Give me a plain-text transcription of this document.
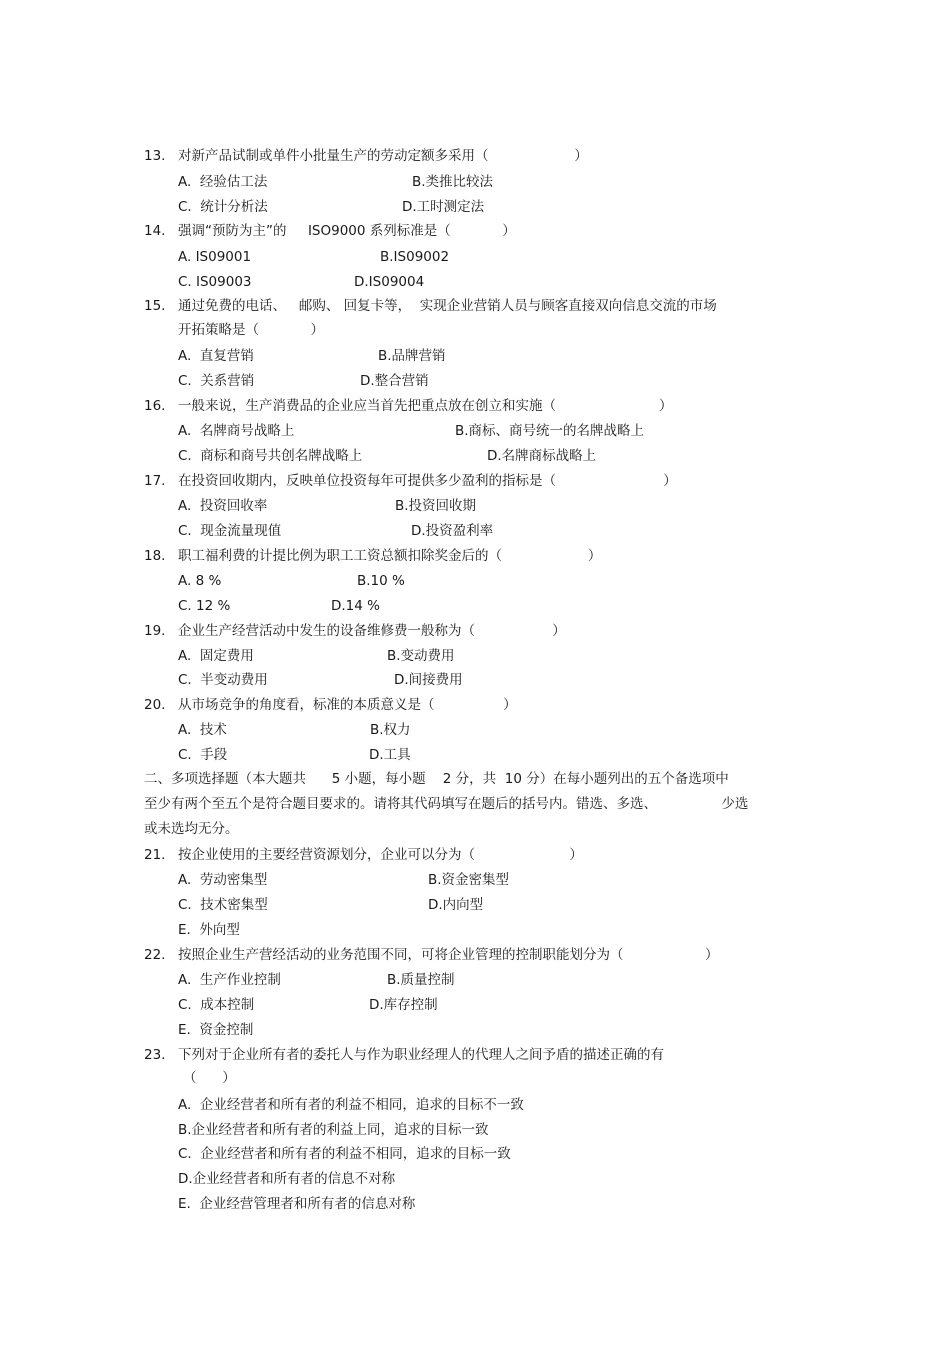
13. 对新产品试制或单件小批量生产的劳动定额多采用（                    ）
A.  经验估工法	B.类推比较法
C.  统计分析法	D.工时测定法
14. 强调“预防为主”的     ISO9000 系列标准是（            ）
A. IS09001	B.IS09002
C. IS09003	D.IS09004
15. 通过免费的电话、   邮购、 回复卡等，  实现企业营销人员与顾客直接双向信息交流的市场
开拓策略是（            ）
A.  直复营销	B.品牌营销
C.  关系营销	D.整合营销
16. 一般来说，生产消费品的企业应当首先把重点放在创立和实施（                        ）
A.  名牌商号战略上	B.商标、商号统一的名牌战略上
C.  商标和商号共创名牌战略上	D.名牌商标战略上
17. 在投资回收期内，反映单位投资每年可提供多少盈利的指标是（                         ）
A.  投资回收率	B.投资回收期
C.  现金流量现值	D.投资盈利率
18. 职工福利费的计提比例为职工工资总额扣除奖金后的（                    ）
A. 8 %	B.10 %
C. 12 %	D.14 %
19. 企业生产经营活动中发生的设备维修费一般称为（                  ）
A.  固定费用	B.变动费用
C.  半变动费用	D.间接费用
20. 从市场竞争的角度看，标准的本质意义是（                ）
A.  技术	B.权力
C.  手段	D.工具
二、多项选择题（本大题共      5 小题，每小题    2 分，共  10 分）在每小题列出的五个备选项中
至少有两个至五个是符合题目要求的。请将其代码填写在题后的括号内。错选、多选、               少选
或未选均无分。
21. 按企业使用的主要经营资源划分，企业可以分为（                      ）
A.  劳动密集型	B.资金密集型
C.  技术密集型	D.内向型
E.  外向型
22. 按照企业生产营经活动的业务范围不同，可将企业管理的控制职能划分为（                   ）
A.  生产作业控制	B.质量控制
C.  成本控制	D.库存控制
E.  资金控制
23. 下列对于企业所有者的委托人与作为职业经理人的代理人之间予盾的描述正确的有
（      ）
A.  企业经营者和所有者的利益不相同，追求的目标不一致
B.企业经营者和所有者的利益上同，追求的目标一致
C.  企业经营者和所有者的利益不相同，追求的目标一致
D.企业经营者和所有者的信息不对称
E.  企业经营管理者和所有者的信息对称
